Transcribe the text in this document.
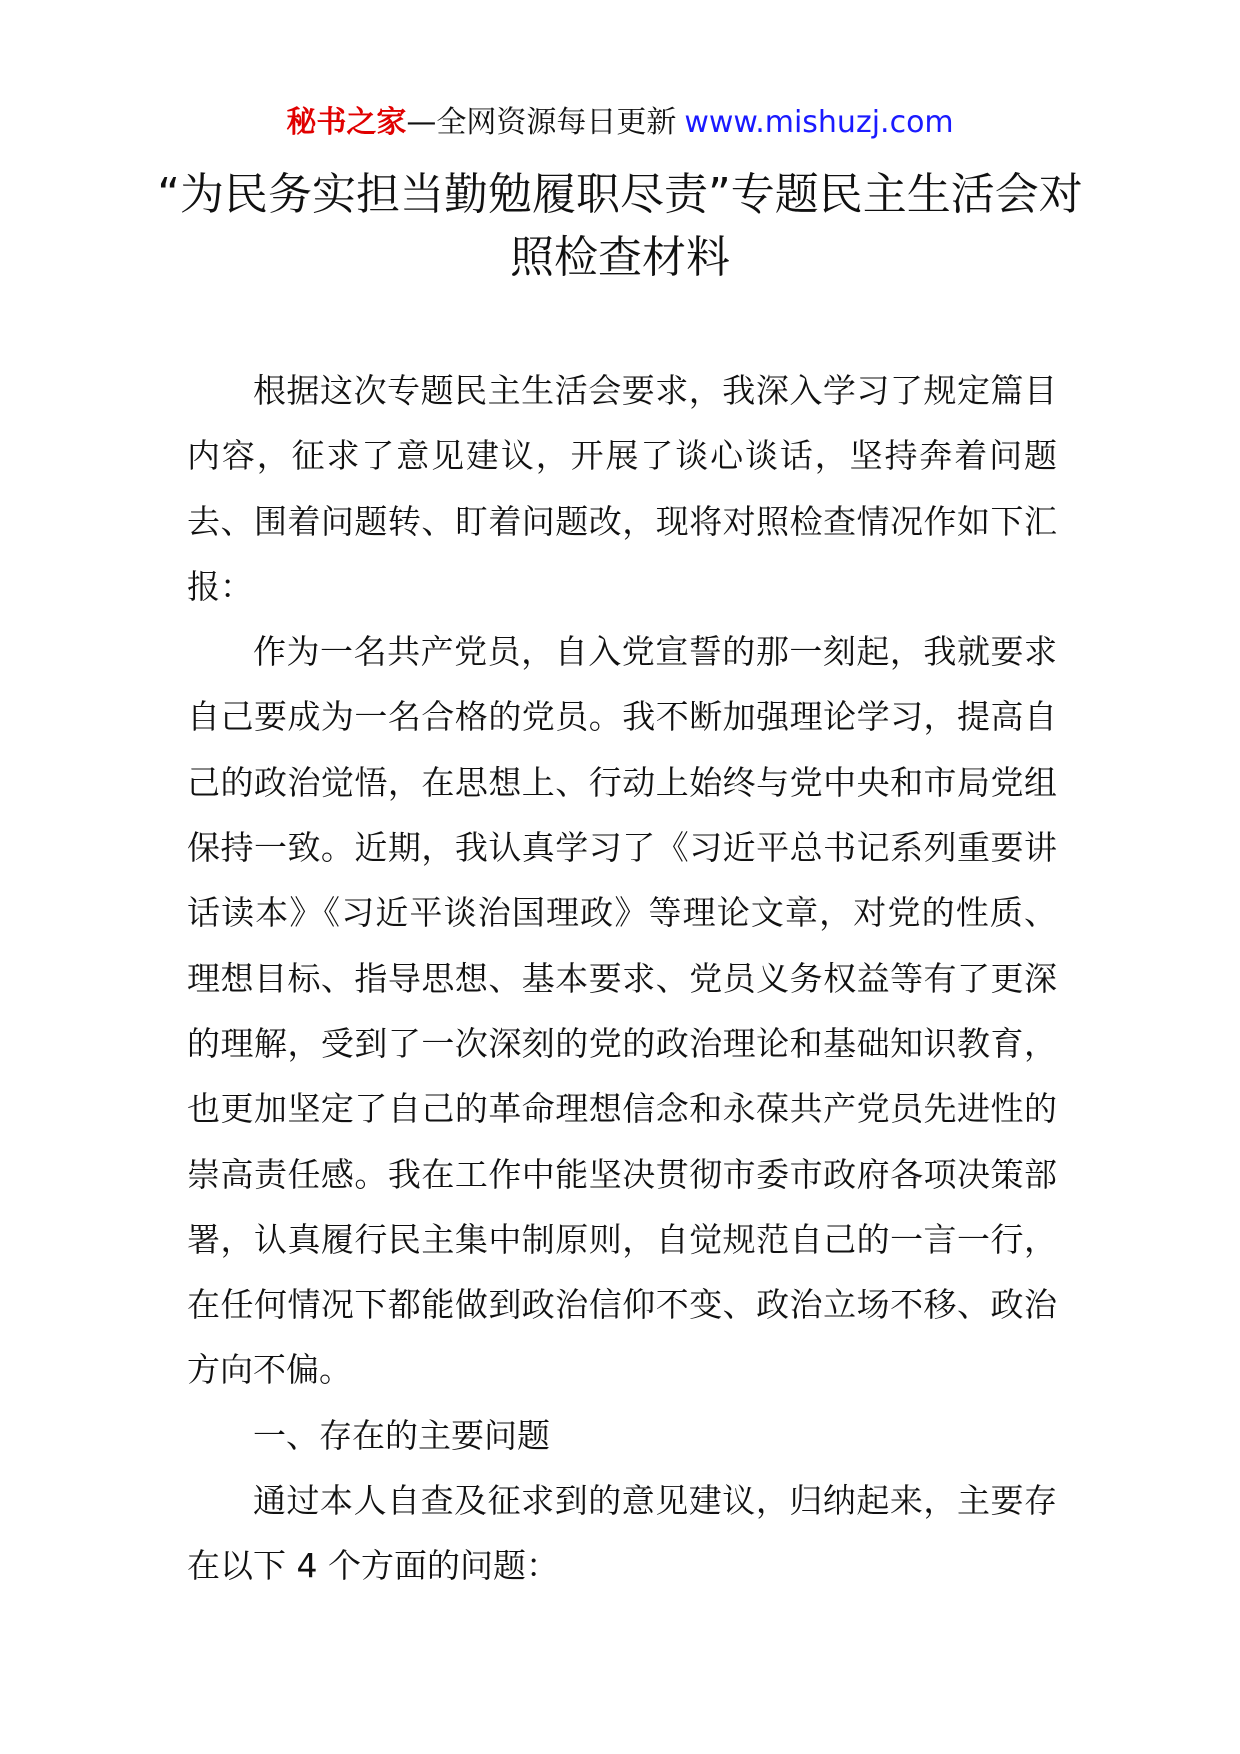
秘书之家—全网资源每日更新 www.mishuzj.com
“为民务实担当勤勉履职尽责”专题民主生活会对照检查材料

根据这次专题民主生活会要求，我深入学习了规定篇目内容，征求了意见建议，开展了谈心谈话，坚持奔着问题去、围着问题转、盯着问题改，现将对照检查情况作如下汇报：

作为一名共产党员，自入党宣誓的那一刻起，我就要求自己要成为一名合格的党员。我不断加强理论学习，提高自己的政治觉悟，在思想上、行动上始终与党中央和市局党组保持一致。近期，我认真学习了《习近平总书记系列重要讲话读本》《习近平谈治国理政》等理论文章，对党的性质、理想目标、指导思想、基本要求、党员义务权益等有了更深的理解，受到了一次深刻的党的政治理论和基础知识教育，也更加坚定了自己的革命理想信念和永葆共产党员先进性的崇高责任感。我在工作中能坚决贯彻市委市政府各项决策部署，认真履行民主集中制原则，自觉规范自己的一言一行，在任何情况下都能做到政治信仰不变、政治立场不移、政治方向不偏。

一、存在的主要问题

通过本人自查及征求到的意见建议，归纳起来，主要存在以下 4 个方面的问题：
